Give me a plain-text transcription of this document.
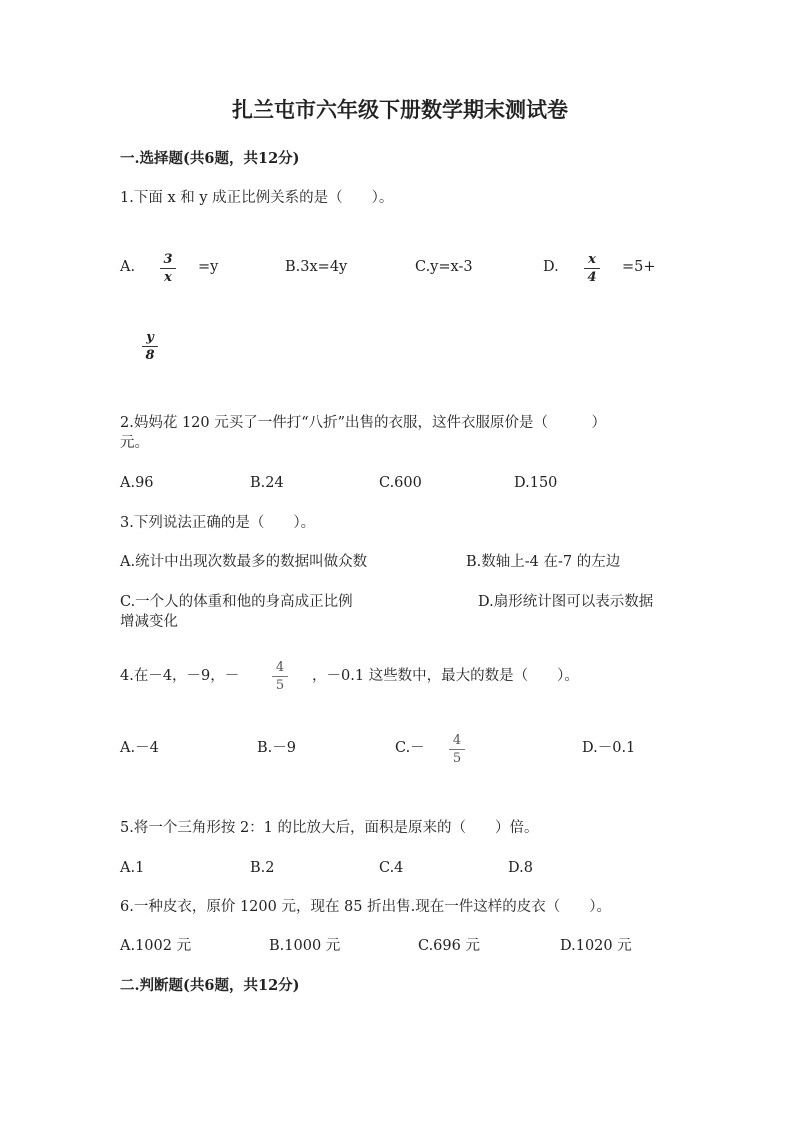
扎兰屯市六年级下册数学期末测试卷
一.选择题(共6题，共12分)
1.下面 x 和 y 成正比例关系的是（　　）。
A.	3
x
=y	B.3x=4y	C.y=x-3	D.	x
4
=5+
y
8
2.妈妈花 120 元买了一件打“八折”出售的衣服，这件衣服原价是（　　　）
元。
A.96	B.24	C.600	D.150
3.下列说法正确的是（　　）。
A.统计中出现次数最多的数据叫做众数	B.数轴上-4 在-7 的左边
C.一个人的体重和他的身高成正比例	D.扇形统计图可以表示数据
增减变化
4.在－4，－9，－
4
5
，－0.1 这些数中，最大的数是（　　）。
A.－4	B.－9	C.－	4
5
D.－0.1
5.将一个三角形按 2：1 的比放大后，面积是原来的（　　）倍。
A.1	B.2	C.4	D.8
6.一种皮衣，原价 1200 元，现在 85 折出售.现在一件这样的皮衣（　　）。
A.1002 元	B.1000 元	C.696 元	D.1020 元
二.判断题(共6题，共12分)
